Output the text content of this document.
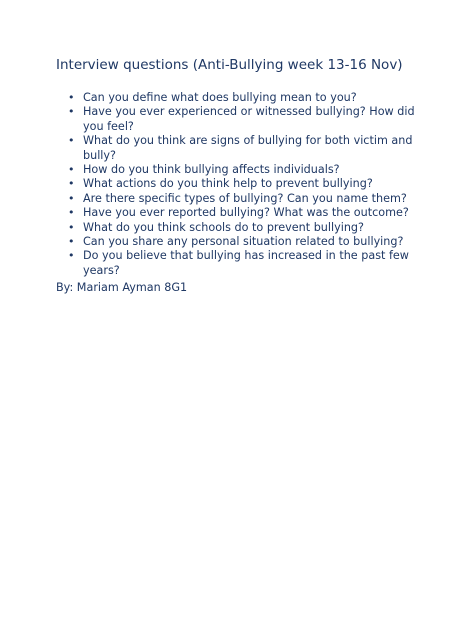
Interview questions (Anti-Bullying week 13-16 Nov)
• Can you define what does bullying mean to you?
• Have you ever experienced or witnessed bullying? How did you feel?
• What do you think are signs of bullying for both victim and bully?
• How do you think bullying affects individuals?
• What actions do you think help to prevent bullying?
• Are there specific types of bullying? Can you name them?
• Have you ever reported bullying? What was the outcome?
• What do you think schools do to prevent bullying?
• Can you share any personal situation related to bullying?
• Do you believe that bullying has increased in the past few years?
By: Mariam Ayman 8G1
